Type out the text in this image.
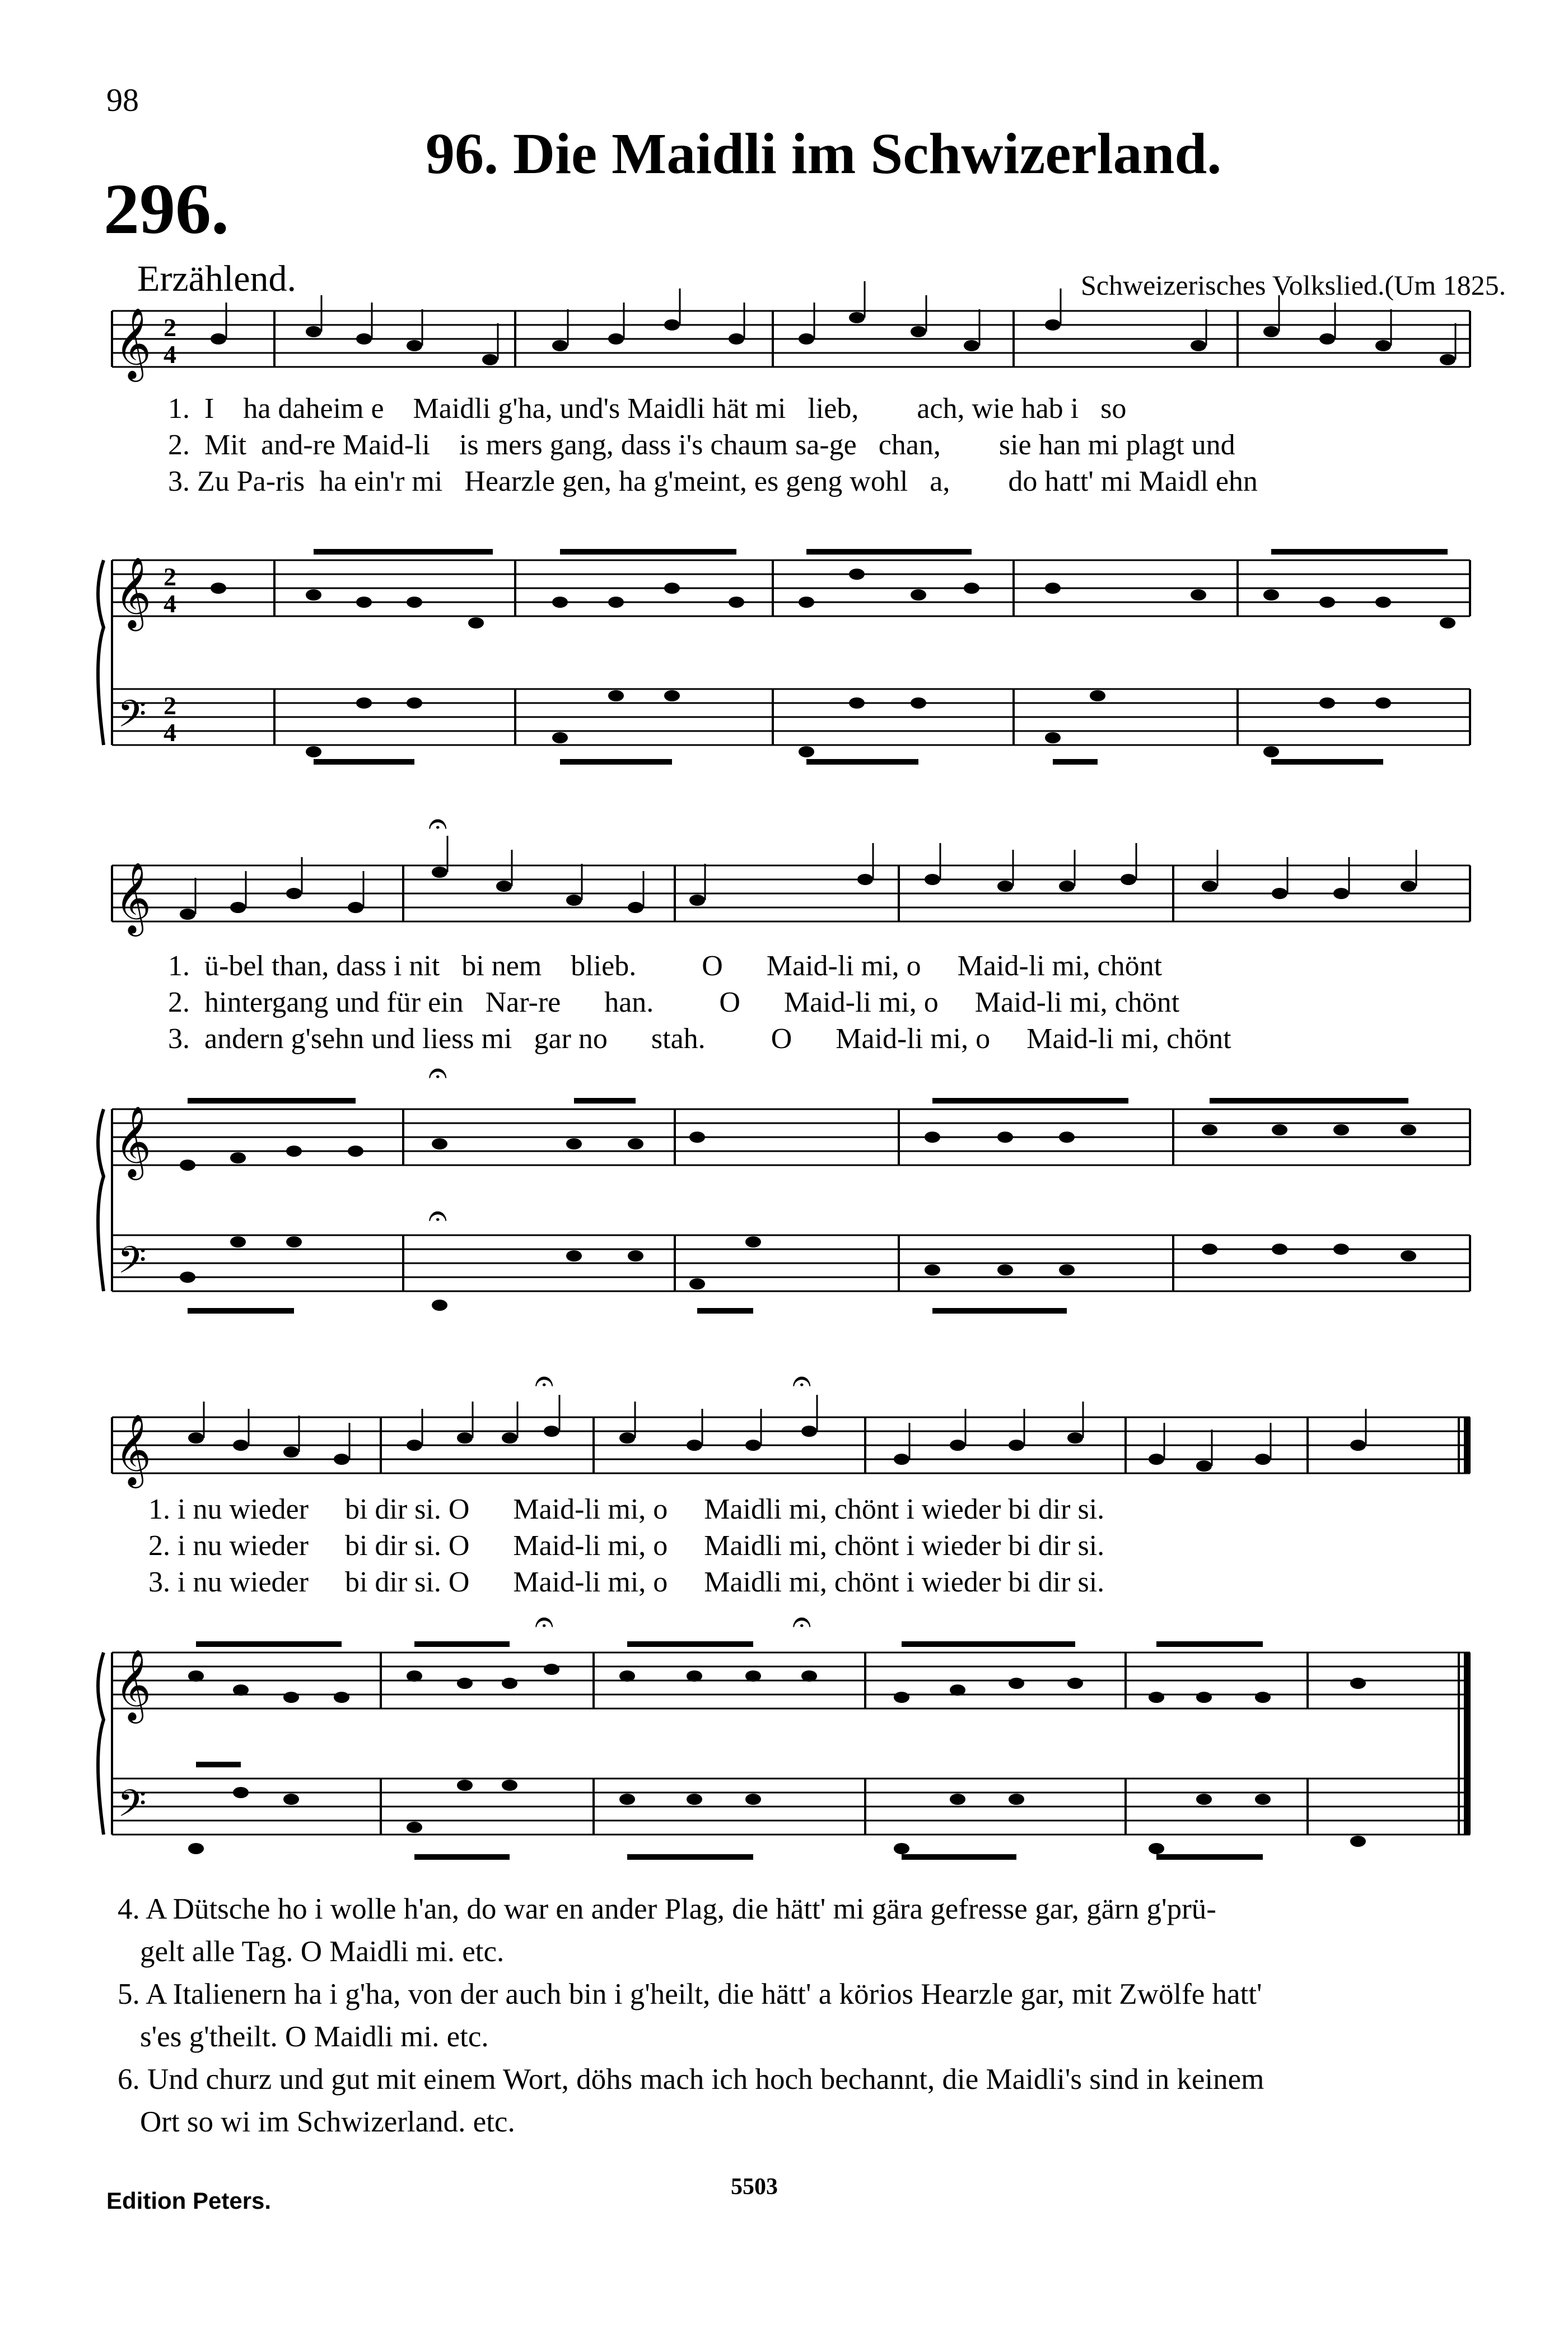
98
296.
96. Die Maidli im Schwizerland.
Erzählend.	Schweizerisches Volkslied.(Um 1825.
𝄞
𝄞
𝄢
2
4
2
4
2
4
1. I ha daheim e Maidli g'ha, und's Maidli hät mi lieb, ach, wie hab i so
2. Mit and-re Maid-li is mers gang, dass i's chaum sa-ge chan, sie han mi plagt und
3. Zu Pa-ris ha ein'r mi Hearzle gen, ha g'meint, es geng wohl a, do hatt' mi Maidl ehn
𝄞
𝄞
𝄢
𝄐
𝄐
𝄐
1. ü-bel than, dass i nit bi nem blieb. O Maid-li mi, o Maid-li mi, chönt
2. hintergang und für ein Nar-re han. O Maid-li mi, o Maid-li mi, chönt
3. andern g'sehn und liess mi gar no stah. O Maid-li mi, o Maid-li mi, chönt
𝄞
𝄞
𝄢
𝄐	𝄐
𝄐	𝄐
1. i nu wieder bi dir si. O Maid-li mi, o Maidli mi, chönt i wieder bi dir si.
2. i nu wieder bi dir si. O Maid-li mi, o Maidli mi, chönt i wieder bi dir si.
3. i nu wieder bi dir si. O Maid-li mi, o Maidli mi, chönt i wieder bi dir si.
4. A Dütsche ho i wolle h'an, do war en ander Plag, die hätt' mi gära gefresse gar, gärn g'prü-
gelt alle Tag. O Maidli mi. etc.
5. A Italienern ha i g'ha, von der auch bin i g'heilt, die hätt' a körios Hearzle gar, mit Zwölfe hatt'
s'es g'theilt. O Maidli mi. etc.
6. Und churz und gut mit einem Wort, döhs mach ich hoch bechannt, die Maidli's sind in keinem
Ort so wi im Schwizerland. etc.
Edition Peters.
5503
